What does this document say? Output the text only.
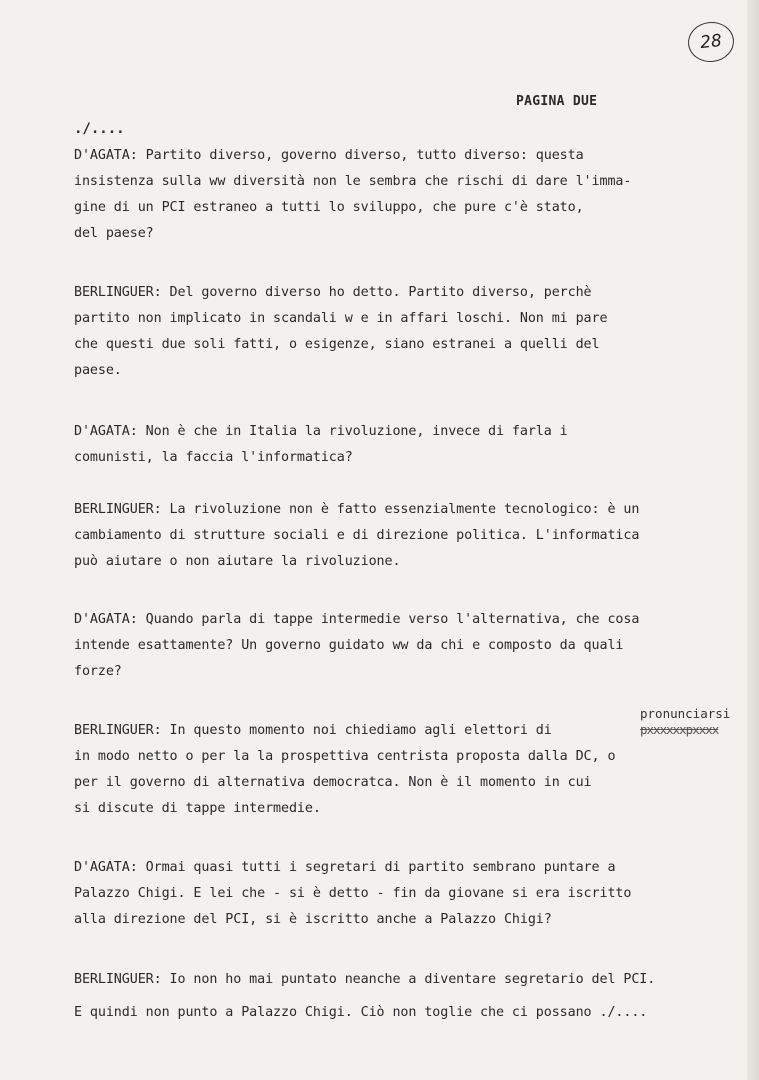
28
PAGINA DUE
./....
D'AGATA: Partito diverso, governo diverso, tutto diverso: questa
insistenza sulla ww diversità non le sembra che rischi di dare l'imma-
gine di un PCI estraneo a tutti lo sviluppo, che pure c'è stato,
del paese?
BERLINGUER: Del governo diverso ho detto. Partito diverso, perchè
partito non implicato in scandali w e in affari loschi. Non mi pare
che questi due soli fatti, o esigenze, siano estranei a quelli del
paese.
D'AGATA: Non è che in Italia la rivoluzione, invece di farla i
comunisti, la faccia l'informatica?
BERLINGUER: La rivoluzione non è fatto essenzialmente tecnologico: è un
cambiamento di strutture sociali e di direzione politica. L'informatica
può aiutare o non aiutare la rivoluzione.
D'AGATA: Quando parla di tappe intermedie verso l'alternativa, che cosa
intende esattamente? Un governo guidato ww da chi e composto da quali
forze?
pronunciarsi
pxxxxxxpxxxx
BERLINGUER: In questo momento noi chiediamo agli elettori di
in modo netto o per la la prospettiva centrista proposta dalla DC, o
per il governo di alternativa democratca. Non è il momento in cui
si discute di tappe intermedie.
D'AGATA: Ormai quasi tutti i segretari di partito sembrano puntare a
Palazzo Chigi. E lei che - si è detto - fin da giovane si era iscritto
alla direzione del PCI, si è iscritto anche a Palazzo Chigi?
BERLINGUER: Io non ho mai puntato neanche a diventare segretario del PCI.
E quindi non punto a Palazzo Chigi. Ciò non toglie che ci possano ./....
